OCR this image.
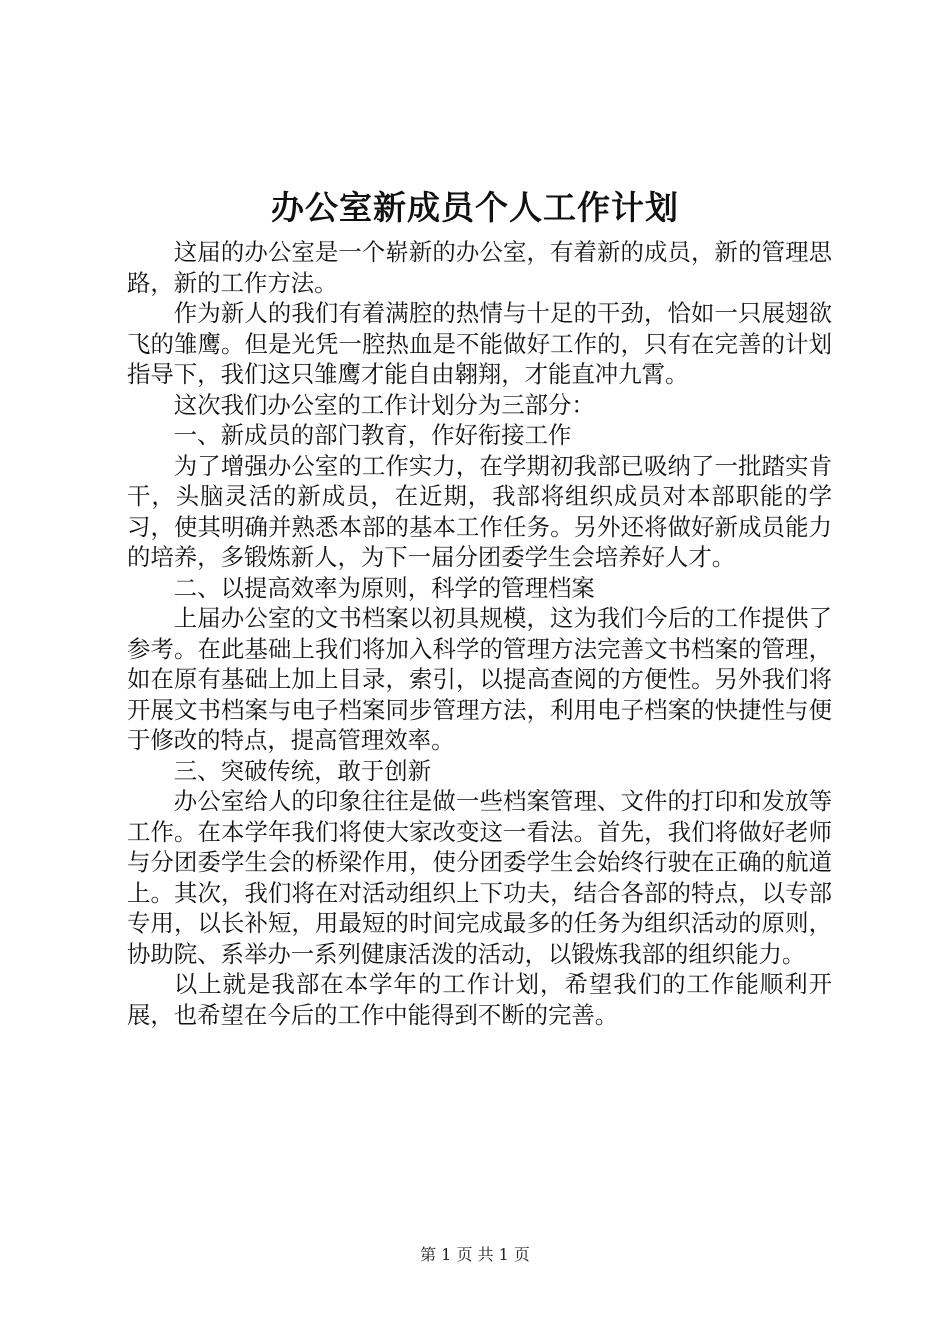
办公室新成员个人工作计划

这届的办公室是一个崭新的办公室，有着新的成员，新的管理思路，新的工作方法。

作为新人的我们有着满腔的热情与十足的干劲，恰如一只展翅欲飞的雏鹰。但是光凭一腔热血是不能做好工作的，只有在完善的计划指导下，我们这只雏鹰才能自由翱翔，才能直冲九霄。

这次我们办公室的工作计划分为三部分：

一、新成员的部门教育，作好衔接工作

为了增强办公室的工作实力，在学期初我部已吸纳了一批踏实肯干，头脑灵活的新成员，在近期，我部将组织成员对本部职能的学习，使其明确并熟悉本部的基本工作任务。另外还将做好新成员能力的培养，多锻炼新人，为下一届分团委学生会培养好人才。

二、以提高效率为原则，科学的管理档案

上届办公室的文书档案以初具规模，这为我们今后的工作提供了参考。在此基础上我们将加入科学的管理方法完善文书档案的管理，如在原有基础上加上目录，索引，以提高查阅的方便性。另外我们将开展文书档案与电子档案同步管理方法，利用电子档案的快捷性与便于修改的特点，提高管理效率。

三、突破传统，敢于创新

办公室给人的印象往往是做一些档案管理、文件的打印和发放等工作。在本学年我们将使大家改变这一看法。首先，我们将做好老师与分团委学生会的桥梁作用，使分团委学生会始终行驶在正确的航道上。其次，我们将在对活动组织上下功夫，结合各部的特点，以专部专用，以长补短，用最短的时间完成最多的任务为组织活动的原则，协助院、系举办一系列健康活泼的活动，以锻炼我部的组织能力。

以上就是我部在本学年的工作计划，希望我们的工作能顺利开展，也希望在今后的工作中能得到不断的完善。

第 1 页 共 1 页
